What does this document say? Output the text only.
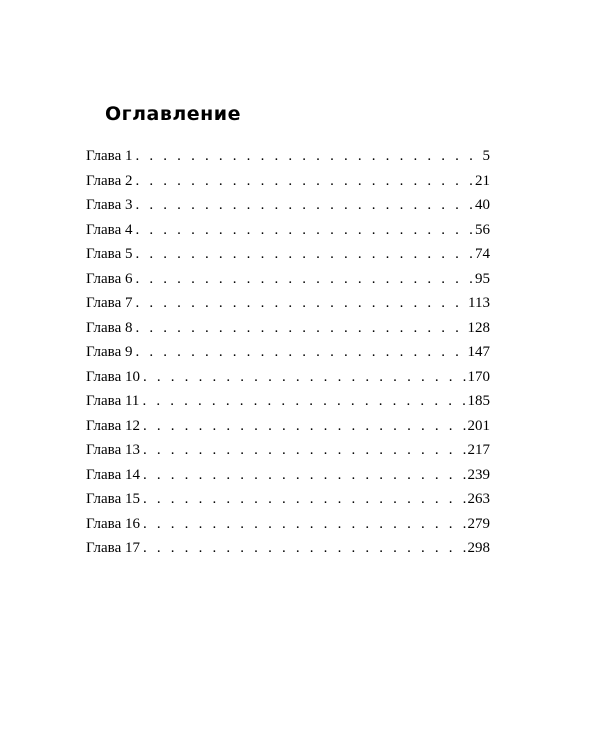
Оглавление
Глава 1 . . .	5
Глава 2 . . .	21
Глава 3 . . .	40
Глава 4 . . .	56
Глава 5 . . .	74
Глава 6 . . .	95
Глава 7 . . .	113
Глава 8 . . .	128
Глава 9 . . .	147
Глава 10 . . .	170
Глава 11 . . .	185
Глава 12 . . .	201
Глава 13 . . .	217
Глава 14 . . .	239
Глава 15 . . .	263
Глава 16 . . .	279
Глава 17 . . .	298
